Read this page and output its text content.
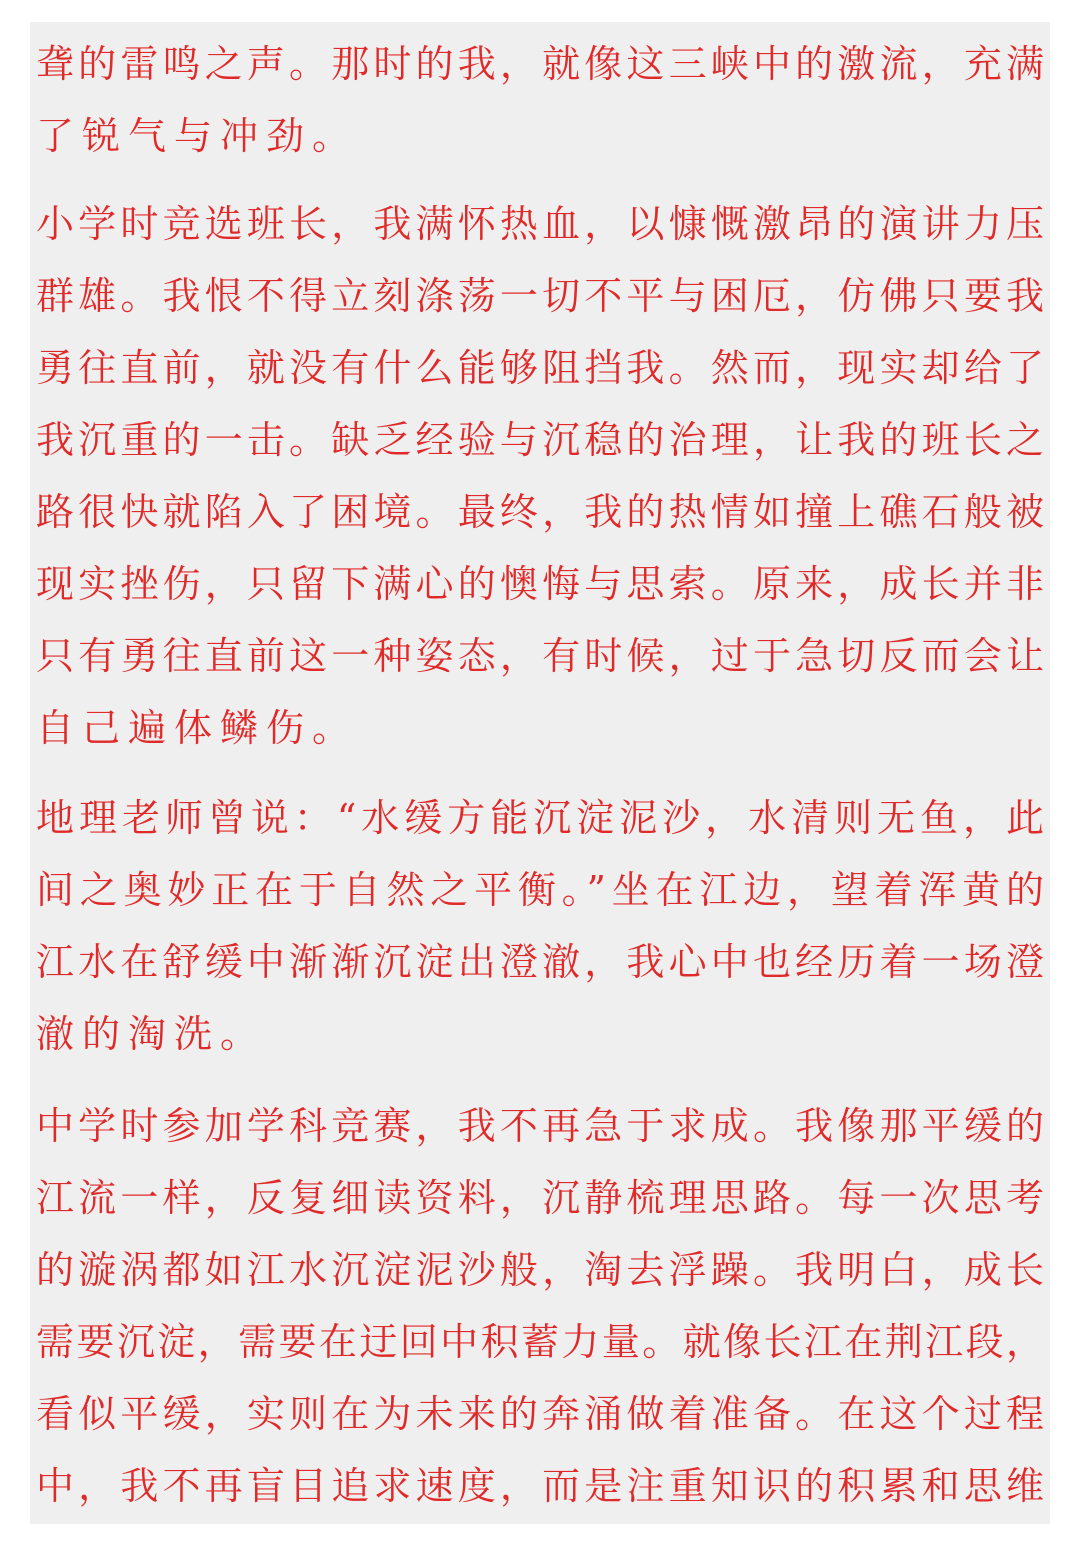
聋的雷鸣之声。那时的我，就像这三峡中的激流，充满
了锐气与冲劲。
小学时竞选班长，我满怀热血，以慷慨激昂的演讲力压
群雄。我恨不得立刻涤荡一切不平与困厄，仿佛只要我
勇往直前，就没有什么能够阻挡我。然而，现实却给了
我沉重的一击。缺乏经验与沉稳的治理，让我的班长之
路很快就陷入了困境。最终，我的热情如撞上礁石般被
现实挫伤，只留下满心的懊悔与思索。原来，成长并非
只有勇往直前这一种姿态，有时候，过于急切反而会让
自己遍体鳞伤。
地理老师曾说：“水缓方能沉淀泥沙，水清则无鱼，此
间之奥妙正在于自然之平衡。”坐在江边，望着浑黄的
江水在舒缓中渐渐沉淀出澄澈，我心中也经历着一场澄
澈的淘洗。
中学时参加学科竞赛，我不再急于求成。我像那平缓的
江流一样，反复细读资料，沉静梳理思路。每一次思考
的漩涡都如江水沉淀泥沙般，淘去浮躁。我明白，成长
需要沉淀，需要在迂回中积蓄力量。就像长江在荆江段，
看似平缓，实则在为未来的奔涌做着准备。在这个过程
中，我不再盲目追求速度，而是注重知识的积累和思维
